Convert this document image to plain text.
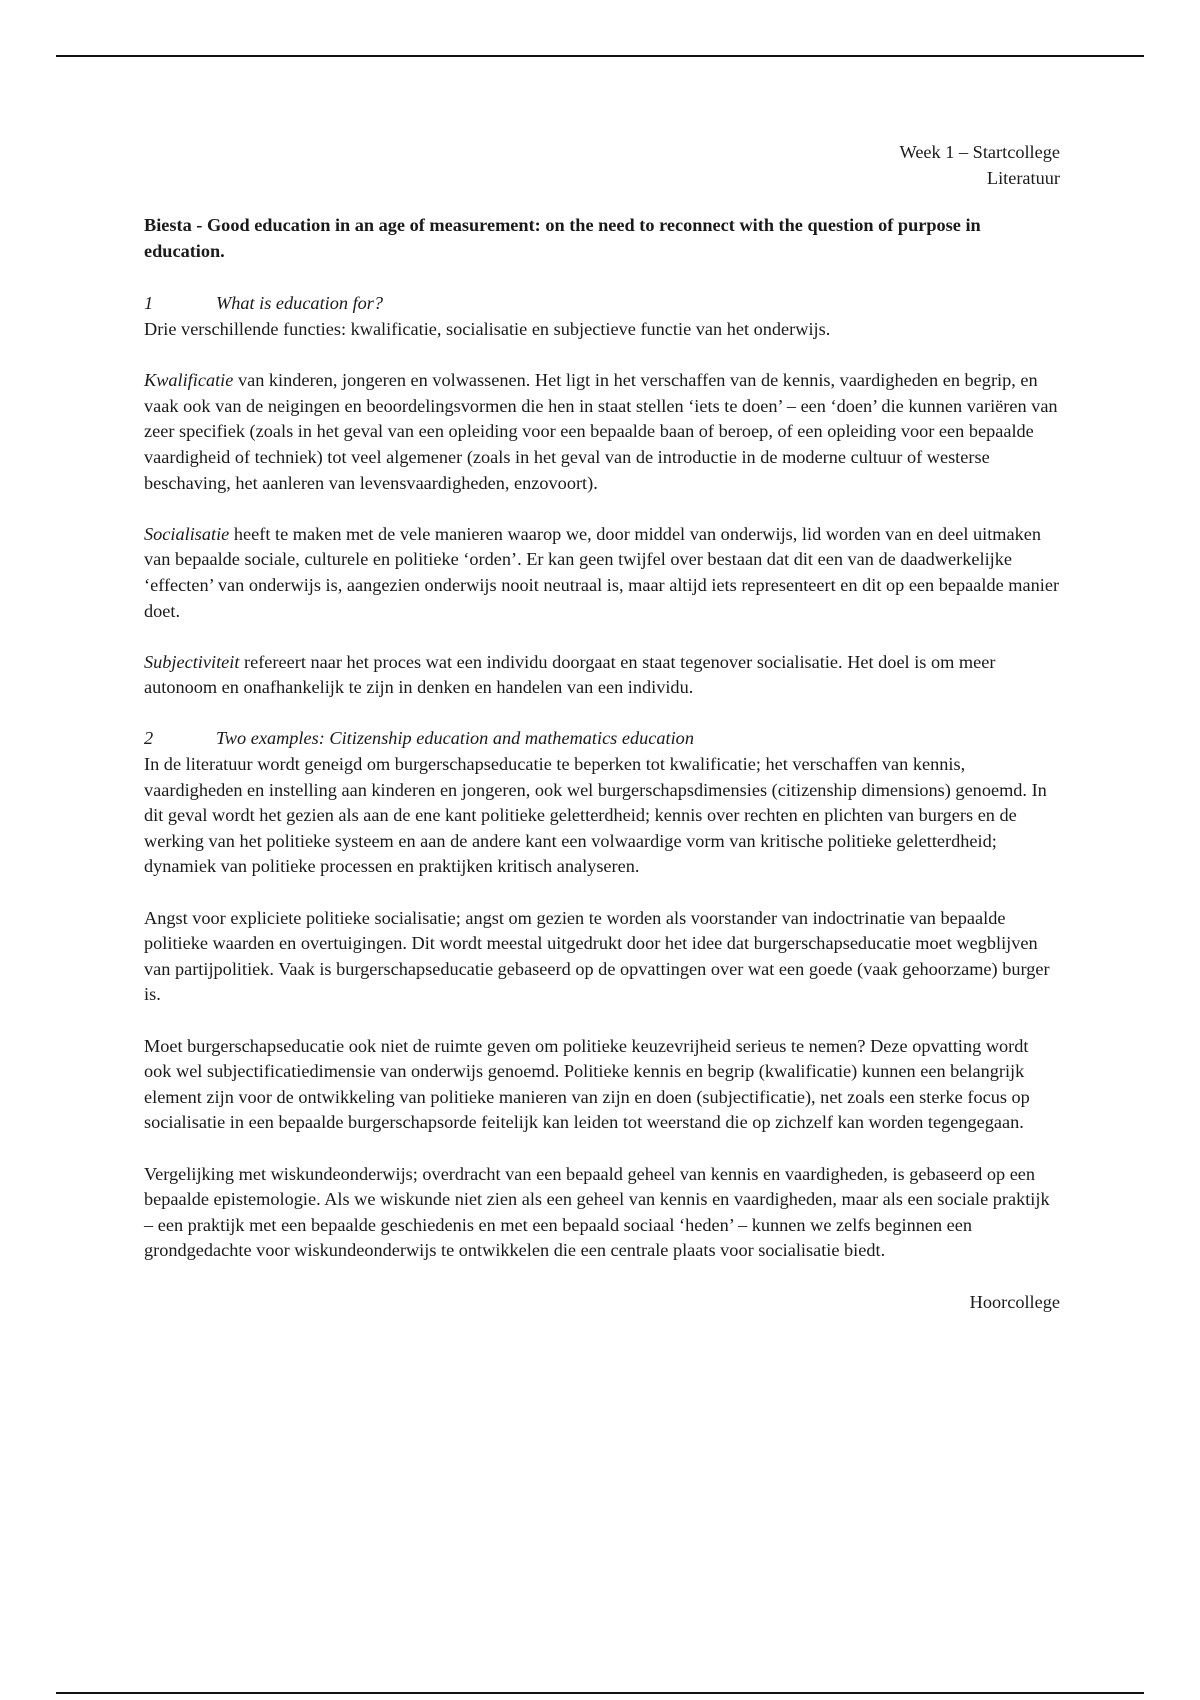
Week 1 – Startcollege
Literatuur
Biesta - Good education in an age of measurement: on the need to reconnect with the question of purpose in education.
1	What is education for?

Drie verschillende functies: kwalificatie, socialisatie en subjectieve functie van het onderwijs.

Kwalificatie van kinderen, jongeren en volwassenen. Het ligt in het verschaffen van de kennis, vaardigheden en begrip, en vaak ook van de neigingen en beoordelingsvormen die hen in staat stellen ‘iets te doen’ – een ‘doen’ die kunnen variëren van zeer specifiek (zoals in het geval van een opleiding voor een bepaalde baan of beroep, of een opleiding voor een bepaalde vaardigheid of techniek) tot veel algemener (zoals in het geval van de introductie in de moderne cultuur of westerse beschaving, het aanleren van levensvaardigheden, enzovoort).

Socialisatie heeft te maken met de vele manieren waarop we, door middel van onderwijs, lid worden van en deel uitmaken van bepaalde sociale, culturele en politieke ‘orden’. Er kan geen twijfel over bestaan dat dit een van de daadwerkelijke ‘effecten’ van onderwijs is, aangezien onderwijs nooit neutraal is, maar altijd iets representeert en dit op een bepaalde manier doet.

Subjectiviteit refereert naar het proces wat een individu doorgaat en staat tegenover socialisatie. Het doel is om meer autonoom en onafhankelijk te zijn in denken en handelen van een individu.

2	Two examples: Citizenship education and mathematics education

In de literatuur wordt geneigd om burgerschapseducatie te beperken tot kwalificatie; het verschaffen van kennis, vaardigheden en instelling aan kinderen en jongeren, ook wel burgerschapsdimensies (citizenship dimensions) genoemd. In dit geval wordt het gezien als aan de ene kant politieke geletterdheid; kennis over rechten en plichten van burgers en de werking van het politieke systeem en aan de andere kant een volwaardige vorm van kritische politieke geletterdheid; dynamiek van politieke processen en praktijken kritisch analyseren.

Angst voor expliciete politieke socialisatie; angst om gezien te worden als voorstander van indoctrinatie van bepaalde politieke waarden en overtuigingen. Dit wordt meestal uitgedrukt door het idee dat burgerschapseducatie moet wegblijven van partijpolitiek. Vaak is burgerschapseducatie gebaseerd op de opvattingen over wat een goede (vaak gehoorzame) burger is.

Moet burgerschapseducatie ook niet de ruimte geven om politieke keuzevrijheid serieus te nemen? Deze opvatting wordt ook wel subjectificatiedimensie van onderwijs genoemd. Politieke kennis en begrip (kwalificatie) kunnen een belangrijk element zijn voor de ontwikkeling van politieke manieren van zijn en doen (subjectificatie), net zoals een sterke focus op socialisatie in een bepaalde burgerschapsorde feitelijk kan leiden tot weerstand die op zichzelf kan worden tegengegaan.

Vergelijking met wiskundeonderwijs; overdracht van een bepaald geheel van kennis en vaardigheden, is gebaseerd op een bepaalde epistemologie. Als we wiskunde niet zien als een geheel van kennis en vaardigheden, maar als een sociale praktijk – een praktijk met een bepaalde geschiedenis en met een bepaald sociaal ‘heden’ – kunnen we zelfs beginnen een grondgedachte voor wiskundeonderwijs te ontwikkelen die een centrale plaats voor socialisatie biedt.

Hoorcollege
